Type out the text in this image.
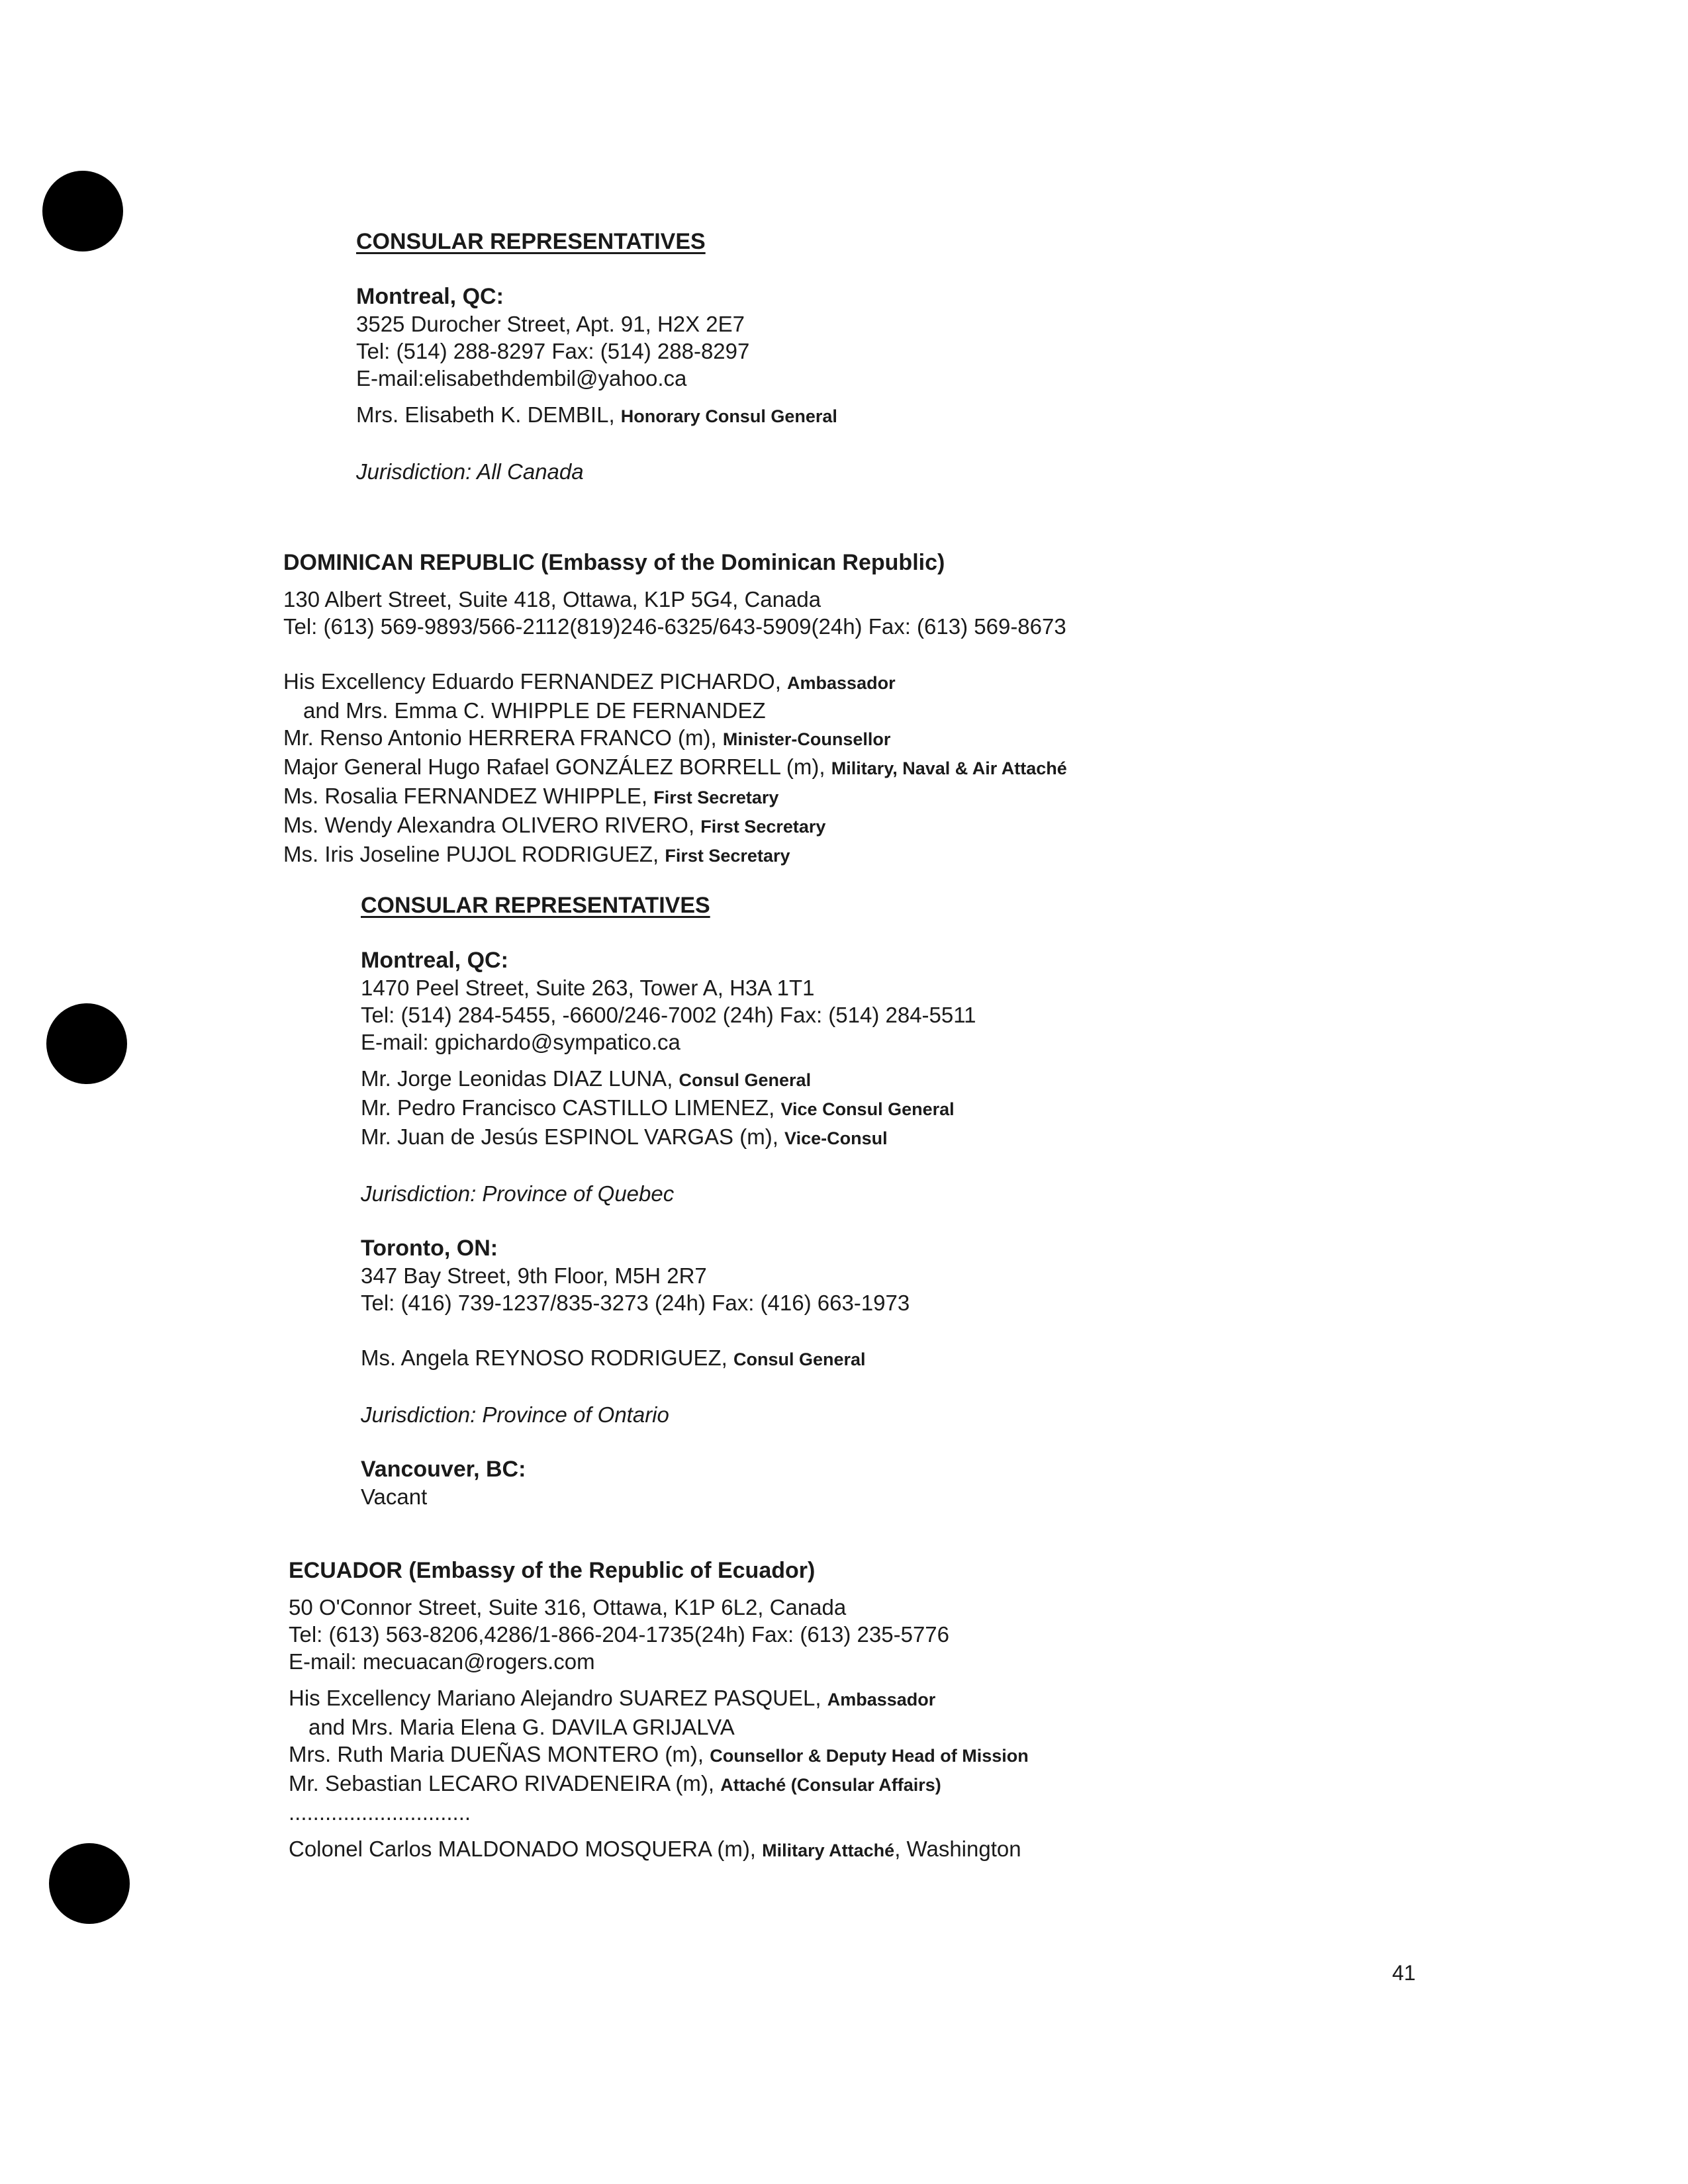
CONSULAR REPRESENTATIVES
Montreal, QC:
3525 Durocher Street, Apt. 91, H2X 2E7
Tel: (514) 288-8297 Fax: (514) 288-8297
E-mail:elisabethdembil@yahoo.ca
Mrs. Elisabeth K. DEMBIL, Honorary Consul General
Jurisdiction: All Canada
DOMINICAN REPUBLIC (Embassy of the Dominican Republic)
130 Albert Street, Suite 418, Ottawa, K1P 5G4, Canada
Tel: (613) 569-9893/566-2112(819)246-6325/643-5909(24h) Fax: (613) 569-8673
His Excellency Eduardo FERNANDEZ PICHARDO, Ambassador
and Mrs. Emma C. WHIPPLE DE FERNANDEZ
Mr. Renso Antonio HERRERA FRANCO (m), Minister-Counsellor
Major General Hugo Rafael GONZÁLEZ BORRELL (m), Military, Naval & Air Attaché
Ms. Rosalia FERNANDEZ WHIPPLE, First Secretary
Ms. Wendy Alexandra OLIVERO RIVERO, First Secretary
Ms. Iris Joseline PUJOL RODRIGUEZ, First Secretary
CONSULAR REPRESENTATIVES
Montreal, QC:
1470 Peel Street, Suite 263, Tower A, H3A 1T1
Tel: (514) 284-5455, -6600/246-7002 (24h) Fax: (514) 284-5511
E-mail: gpichardo@sympatico.ca
Mr. Jorge Leonidas DIAZ LUNA, Consul General
Mr. Pedro Francisco CASTILLO LIMENEZ, Vice Consul General
Mr. Juan de Jesús ESPINOL VARGAS (m), Vice-Consul
Jurisdiction: Province of Quebec
Toronto, ON:
347 Bay Street, 9th Floor, M5H 2R7
Tel: (416) 739-1237/835-3273 (24h) Fax: (416) 663-1973
Ms. Angela REYNOSO RODRIGUEZ, Consul General
Jurisdiction: Province of Ontario
Vancouver, BC:
Vacant
ECUADOR (Embassy of the Republic of Ecuador)
50 O'Connor Street, Suite 316, Ottawa, K1P 6L2, Canada
Tel: (613) 563-8206,4286/1-866-204-1735(24h) Fax: (613) 235-5776
E-mail: mecuacan@rogers.com
His Excellency Mariano Alejandro SUAREZ PASQUEL, Ambassador
and Mrs. Maria Elena G. DAVILA GRIJALVA
Mrs. Ruth Maria DUEÑAS MONTERO (m), Counsellor & Deputy Head of Mission
Mr. Sebastian LECARO RIVADENEIRA (m), Attaché (Consular Affairs)
..............................
Colonel Carlos MALDONADO MOSQUERA (m), Military Attaché, Washington
41
